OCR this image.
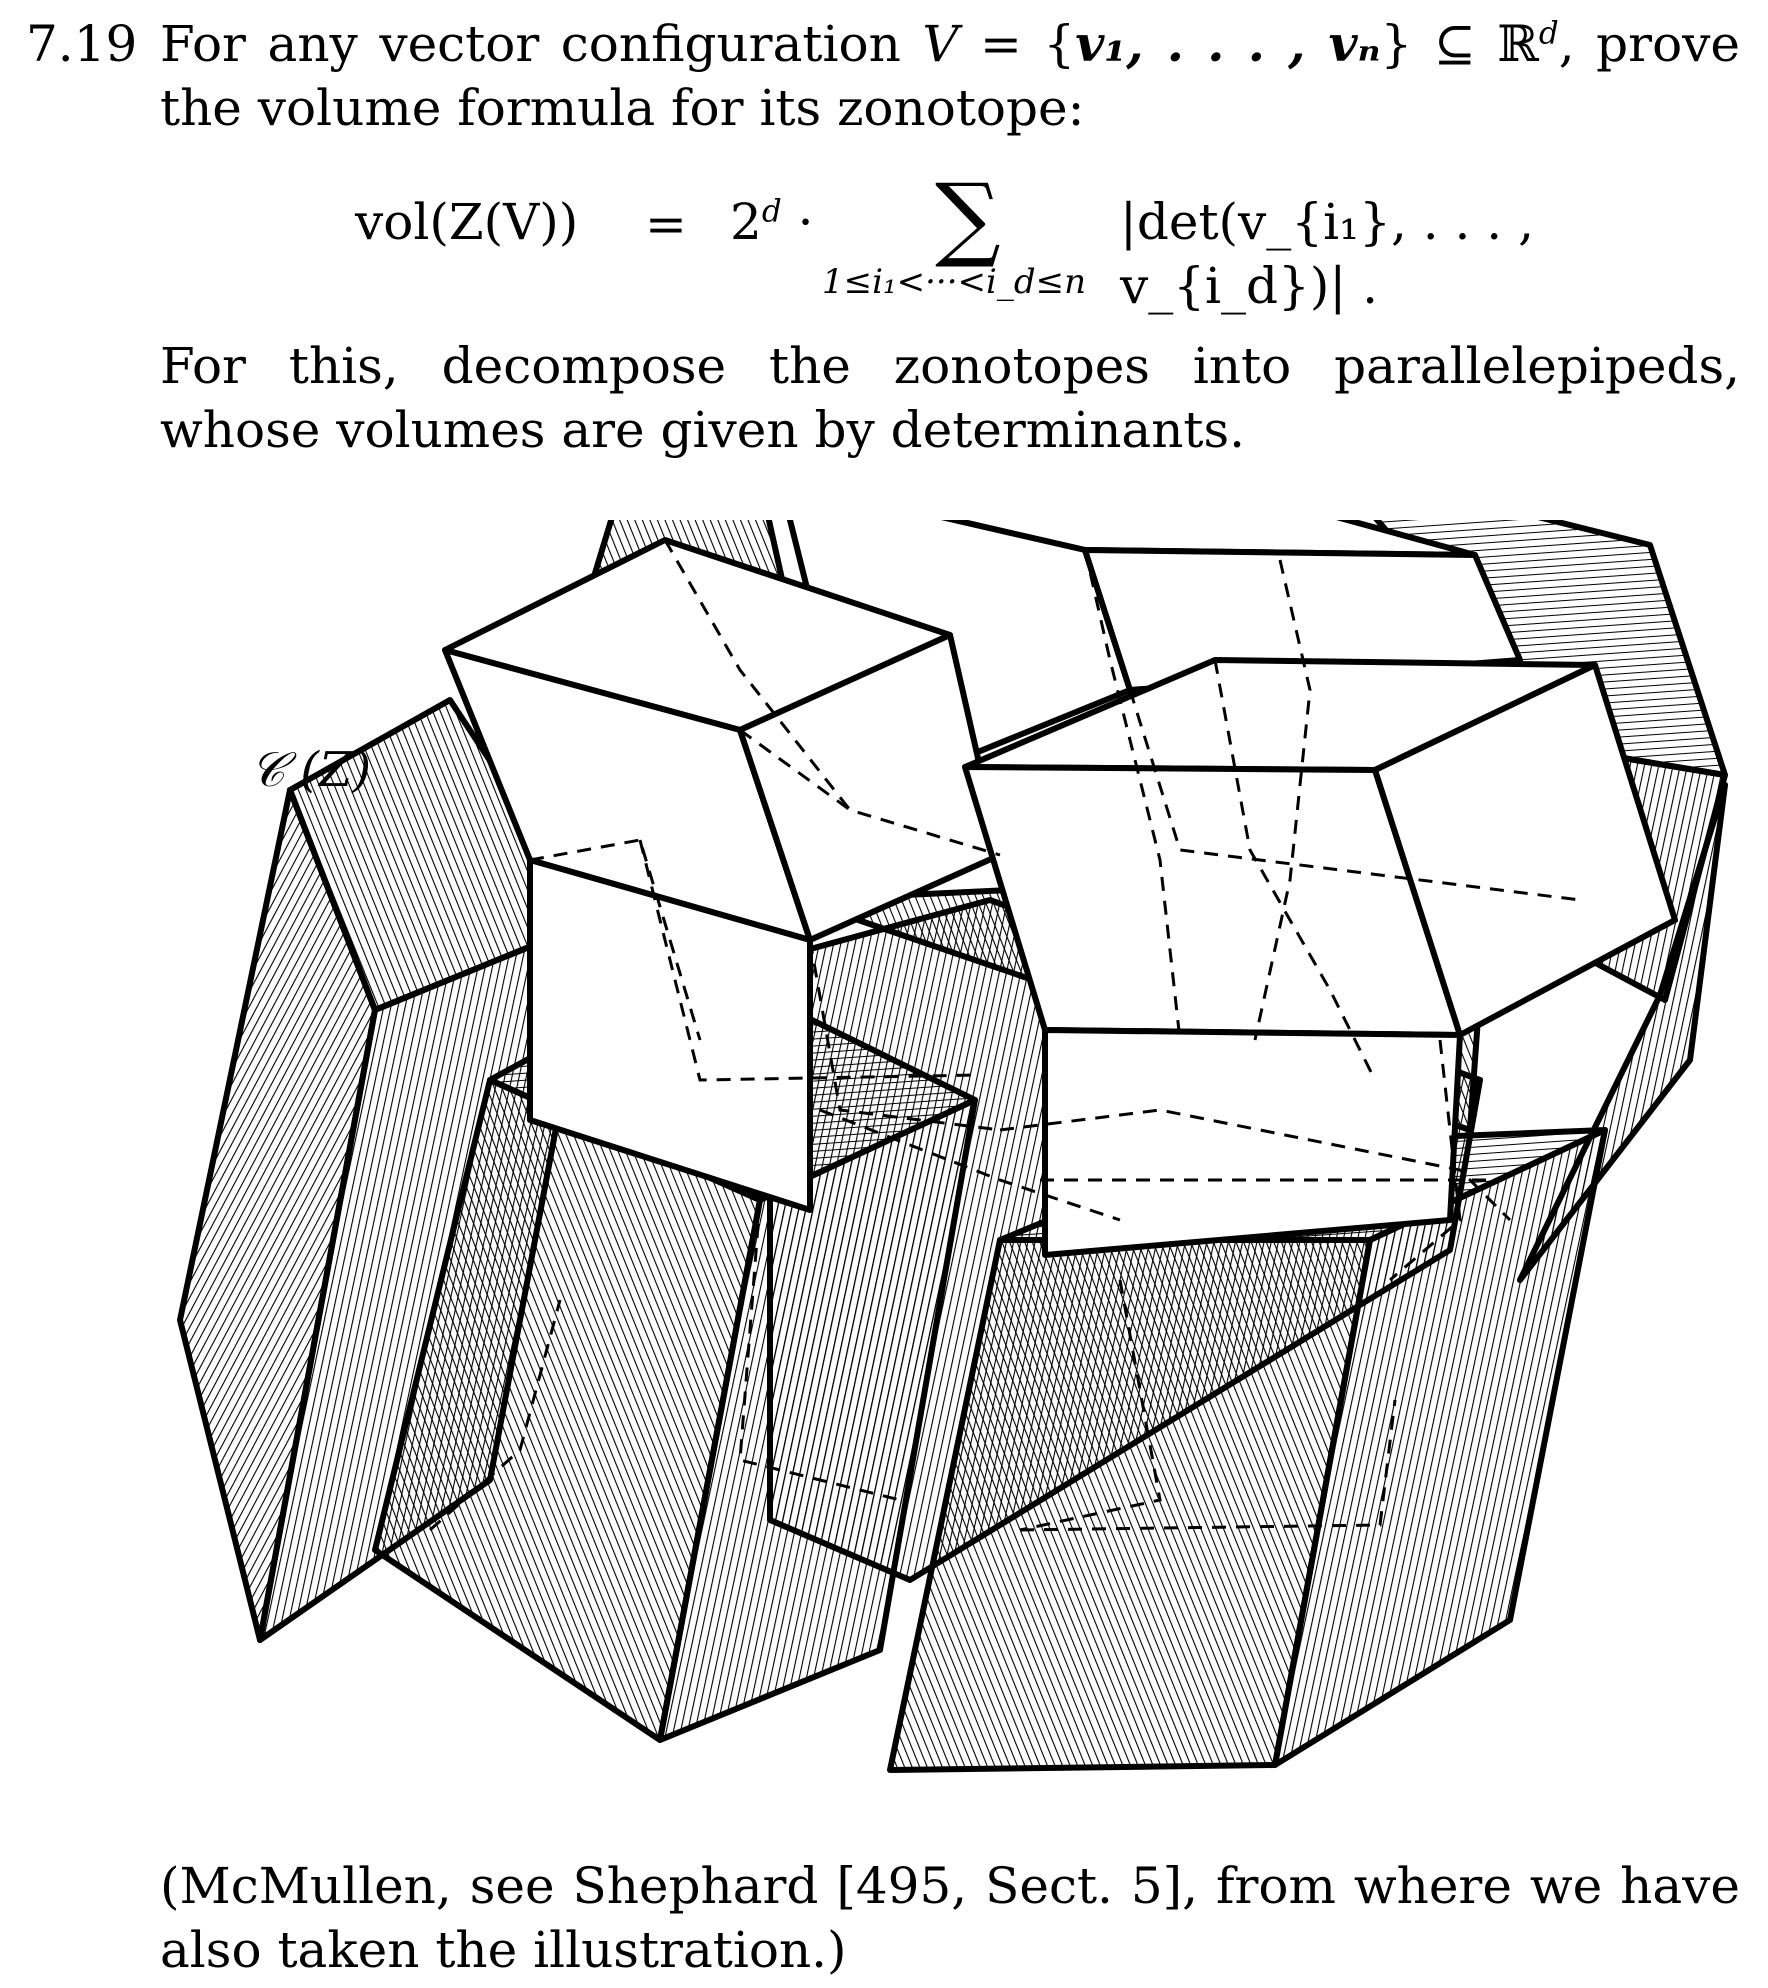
7.19 For any vector configuration V = {v₁, . . . , vₙ} ⊆ ℝ$^d$, prove the volume formula for its zonotope:
$vol(Z(V)) = 2^d$ · ∑
1≤i₁<···<i_d≤n
|det(v_{i₁}, . . . , v_{i_d})| .
For this, decompose the zonotopes into parallelepipeds, whose volumes are given by determinants.
𝒞 (Z)
(McMullen, see Shephard [495, Sect. 5], from where we have also taken the illustration.)
